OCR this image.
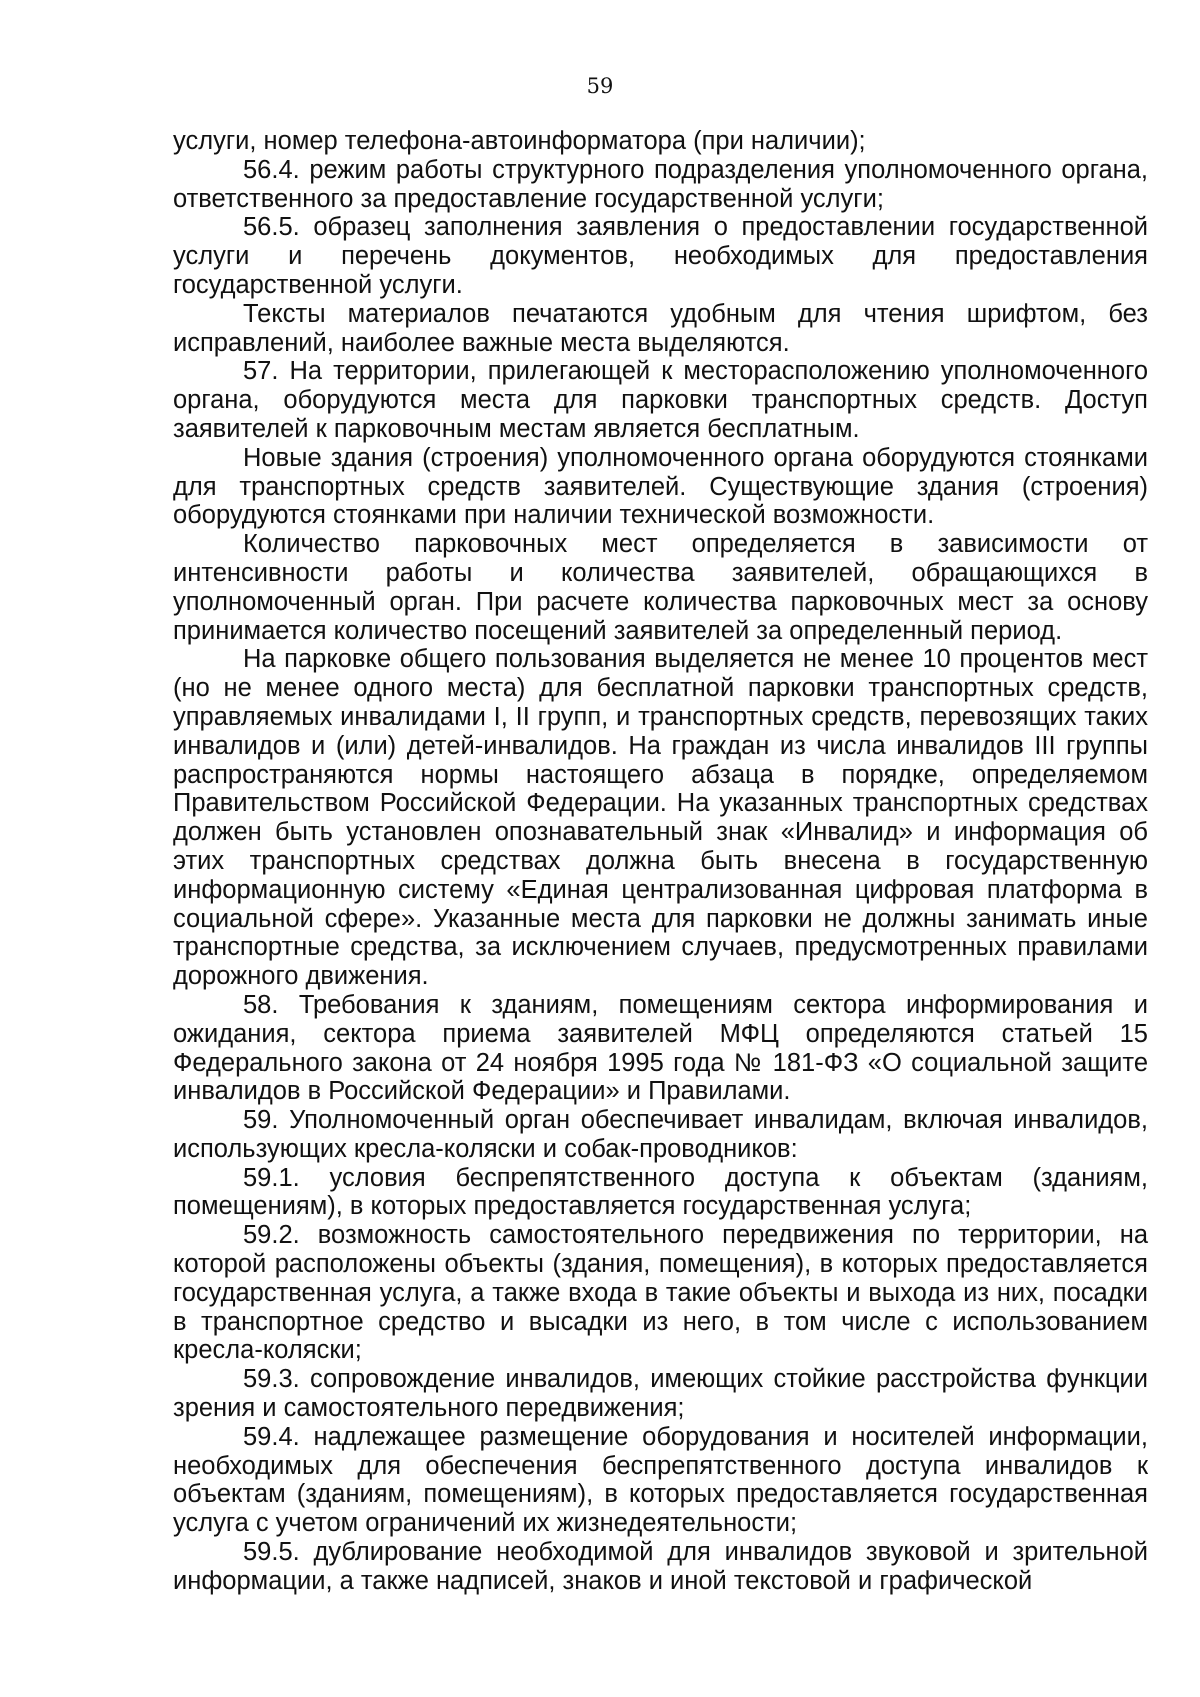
59

услуги, номер телефона-автоинформатора (при наличии);

56.4. режим работы структурного подразделения уполномоченного органа, ответственного за предоставление государственной услуги;

56.5. образец заполнения заявления о предоставлении государственной услуги и перечень документов, необходимых для предоставления государственной услуги.

Тексты материалов печатаются удобным для чтения шрифтом, без исправлений, наиболее важные места выделяются.

57. На территории, прилегающей к месторасположению уполномоченного органа, оборудуются места для парковки транспортных средств. Доступ заявителей к парковочным местам является бесплатным.

Новые здания (строения) уполномоченного органа оборудуются стоянками для транспортных средств заявителей. Существующие здания (строения) оборудуются стоянками при наличии технической возможности.

Количество парковочных мест определяется в зависимости от интенсивности работы и количества заявителей, обращающихся в уполномоченный орган. При расчете количества парковочных мест за основу принимается количество посещений заявителей за определенный период.

На парковке общего пользования выделяется не менее 10 процентов мест (но не менее одного места) для бесплатной парковки транспортных средств, управляемых инвалидами I, II групп, и транспортных средств, перевозящих таких инвалидов и (или) детей-инвалидов. На граждан из числа инвалидов III группы распространяются нормы настоящего абзаца в порядке, определяемом Правительством Российской Федерации. На указанных транспортных средствах должен быть установлен опознавательный знак «Инвалид» и информация об этих транспортных средствах должна быть внесена в государственную информационную систему «Единая централизованная цифровая платформа в социальной сфере». Указанные места для парковки не должны занимать иные транспортные средства, за исключением случаев, предусмотренных правилами дорожного движения.

58. Требования к зданиям, помещениям сектора информирования и ожидания, сектора приема заявителей МФЦ определяются статьей 15 Федерального закона от 24 ноября 1995 года № 181-ФЗ «О социальной защите инвалидов в Российской Федерации» и Правилами.

59. Уполномоченный орган обеспечивает инвалидам, включая инвалидов, использующих кресла-коляски и собак-проводников:

59.1. условия беспрепятственного доступа к объектам (зданиям, помещениям), в которых предоставляется государственная услуга;

59.2. возможность самостоятельного передвижения по территории, на которой расположены объекты (здания, помещения), в которых предоставляется государственная услуга, а также входа в такие объекты и выхода из них, посадки в транспортное средство и высадки из него, в том числе с использованием кресла-коляски;

59.3. сопровождение инвалидов, имеющих стойкие расстройства функции зрения и самостоятельного передвижения;

59.4. надлежащее размещение оборудования и носителей информации, необходимых для обеспечения беспрепятственного доступа инвалидов к объектам (зданиям, помещениям), в которых предоставляется государственная услуга с учетом ограничений их жизнедеятельности;

59.5. дублирование необходимой для инвалидов звуковой и зрительной информации, а также надписей, знаков и иной текстовой и графической
